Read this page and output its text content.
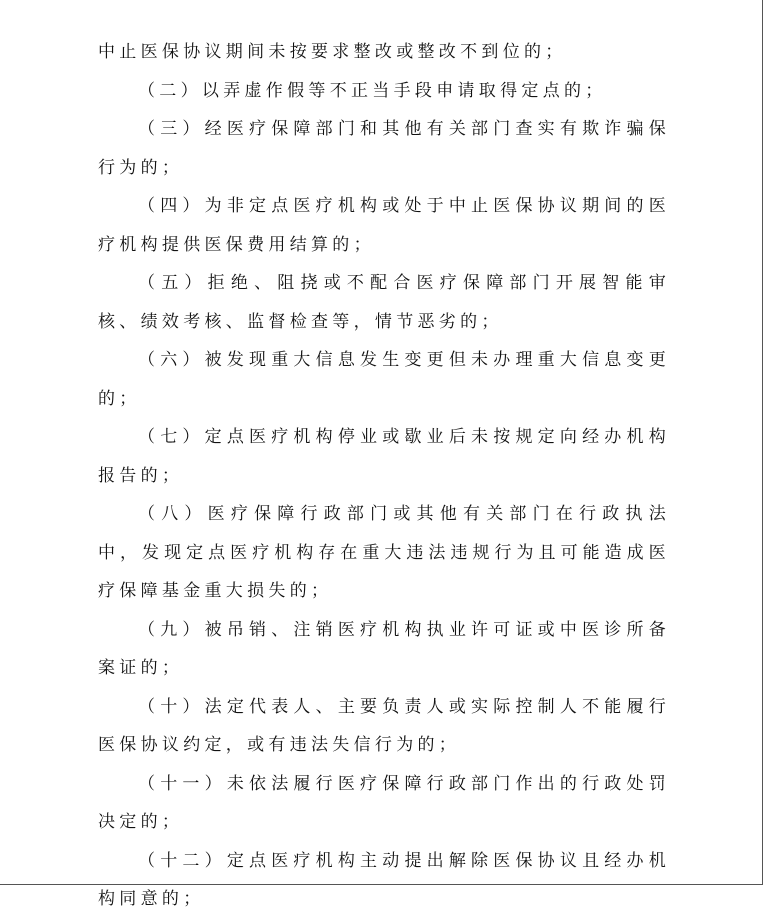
中止医保协议期间未按要求整改或整改不到位的；

（二）以弄虚作假等不正当手段申请取得定点的；

（三）经医疗保障部门和其他有关部门查实有欺诈骗保行为的；

（四）为非定点医疗机构或处于中止医保协议期间的医疗机构提供医保费用结算的；

（五）拒绝、阻挠或不配合医疗保障部门开展智能审核、绩效考核、监督检查等，情节恶劣的；

（六）被发现重大信息发生变更但未办理重大信息变更的；

（七）定点医疗机构停业或歇业后未按规定向经办机构报告的；

（八）医疗保障行政部门或其他有关部门在行政执法中，发现定点医疗机构存在重大违法违规行为且可能造成医疗保障基金重大损失的；

（九）被吊销、注销医疗机构执业许可证或中医诊所备案证的；

（十）法定代表人、主要负责人或实际控制人不能履行医保协议约定，或有违法失信行为的；

（十一）未依法履行医疗保障行政部门作出的行政处罚决定的；

（十二）定点医疗机构主动提出解除医保协议且经办机构同意的；
